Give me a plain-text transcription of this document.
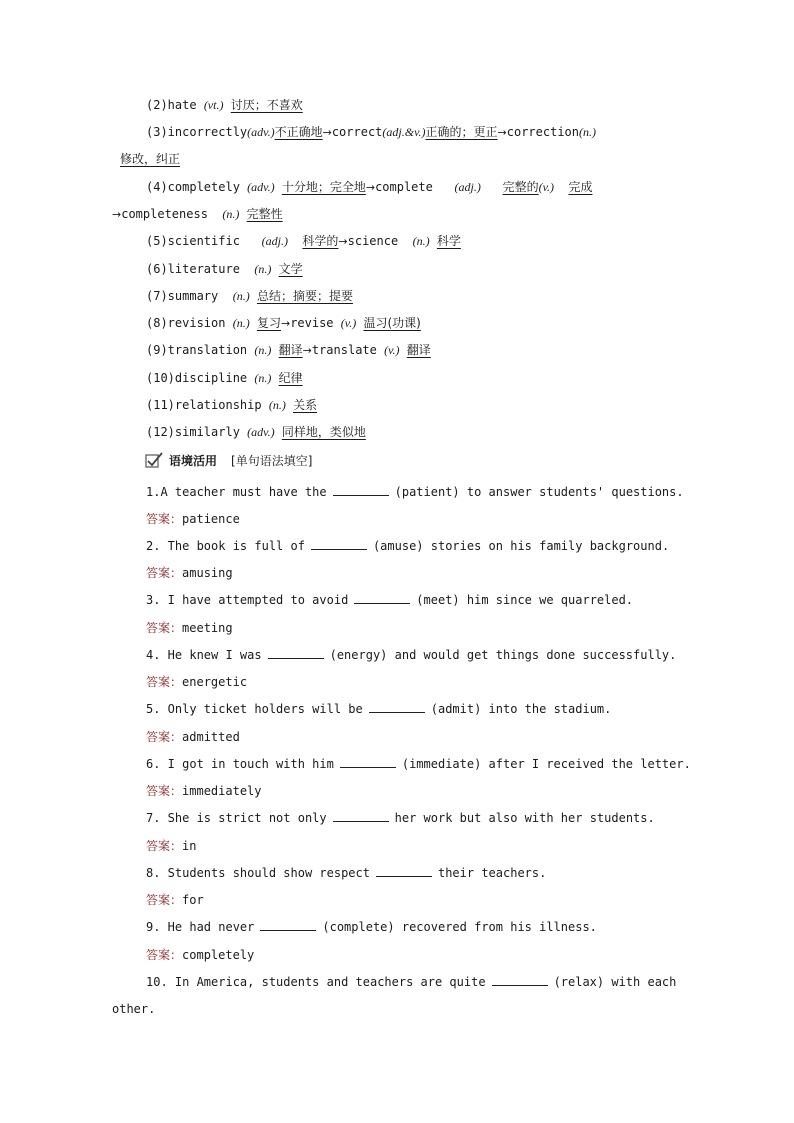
(2)hate (vt.) 讨厌；不喜欢
(3)incorrectly(adv.)不正确地→correct(adj.&v.)正确的；更正→correction(n.)
修改，纠正
(4)completely (adv.) 十分地；完全地→complete (adj.) 完整的(v.) 完成
→completeness (n.) 完整性
(5)scientific (adj.) 科学的→science (n.) 科学
(6)literature (n.) 文学
(7)summary (n.) 总结；摘要；提要
(8)revision (n.) 复习→revise (v.) 温习(功课)
(9)translation (n.) 翻译→translate (v.) 翻译
(10)discipline (n.) 纪律
(11)relationship (n.) 关系
(12)similarly (adv.) 同样地，类似地
语境活用 [单句语法填空]
1.A teacher must have the	(patient) to answer students' questions.
答案：patience
2. The book is full of	(amuse) stories on his family background.
答案：amusing
3. I have attempted to avoid	(meet) him since we quarreled.
答案：meeting
4. He knew I was	(energy) and would get things done successfully.
答案：energetic
5. Only ticket holders will be	(admit) into the stadium.
答案：admitted
6. I got in touch with him	(immediate) after I received the letter.
答案：immediately
7. She is strict not only	her work but also with her students.
答案：in
8. Students should show respect	their teachers.
答案：for
9. He had never	(complete) recovered from his illness.
答案：completely
10. In America, students and teachers are quite	(relax) with each
other.
